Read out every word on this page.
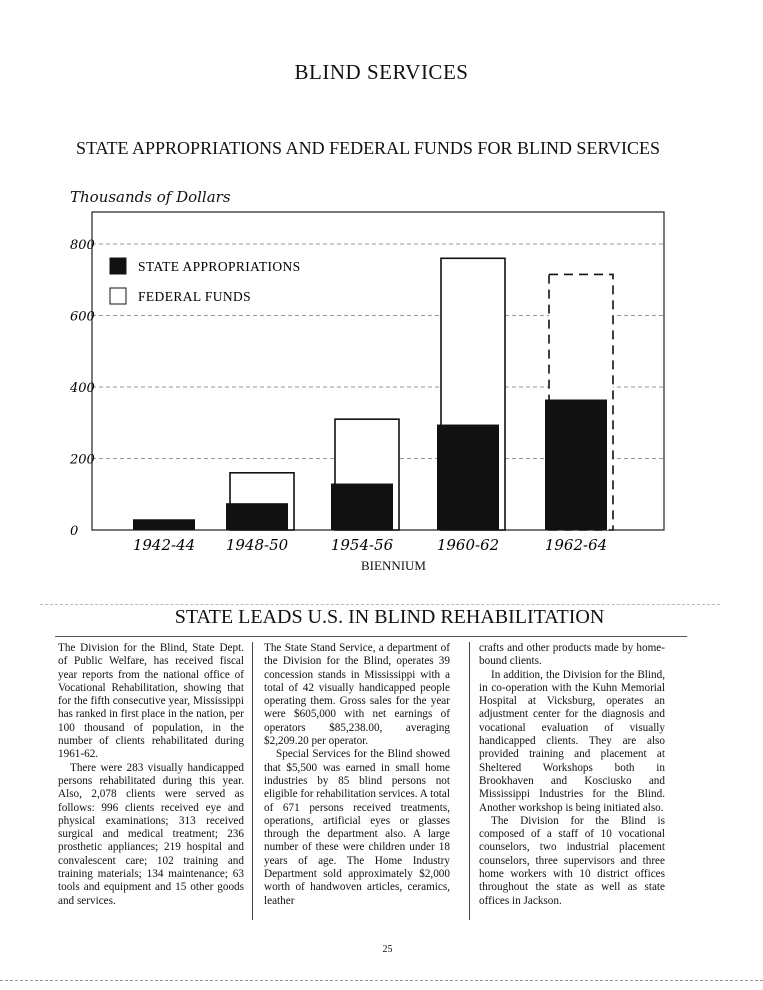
BLIND SERVICES
STATE APPROPRIATIONS AND FEDERAL FUNDS FOR BLIND SERVICES
Thousands of Dollars
0
200
400
600
800
1942-44 1948-50	1954-56	1960-62	1962-64
STATE APPROPRIATIONS
FEDERAL FUNDS
BIENNIUM
STATE LEADS U.S. IN BLIND REHABILITATION

The Division for the Blind, State Dept. of Public Welfare, has received fiscal year reports from the national office of Vocational Rehabilitation, showing that for the fifth consecutive year, Mississippi has ranked in first place in the nation, per 100 thousand of population, in the number of clients rehabilitated during 1961-62.

There were 283 visually handicapped persons rehabilitated during this year. Also, 2,078 clients were served as follows: 996 clients received eye and physical examinations; 313 received surgical and medical treatment; 236 prosthetic appliances; 219 hospital and convalescent care; 102 training and training materials; 134 maintenance; 63 tools and equipment and 15 other goods and services.

The State Stand Service, a department of the Division for the Blind, operates 39 concession stands in Mississippi with a total of 42 visually handicapped people operating them. Gross sales for the year were $605,000 with net earnings of operators $85,238.00, averaging $2,209.20 per operator.

Special Services for the Blind showed that $5,500 was earned in small home industries by 85 blind persons not eligible for rehabilitation services. A total of 671 persons received treatments, operations, artificial eyes or glasses through the department also. A large number of these were children under 18 years of age. The Home Industry Department sold approximately $2,000 worth of handwoven articles, ceramics, leather

crafts and other products made by home-bound clients.

In addition, the Division for the Blind, in co-operation with the Kuhn Memorial Hospital at Vicksburg, operates an adjustment center for the diagnosis and vocational evaluation of visually handicapped clients. They are also provided training and placement at Sheltered Workshops both in Brookhaven and Kosciusko and Mississippi Industries for the Blind. Another workshop is being initiated also.

The Division for the Blind is composed of a staff of 10 vocational counselors, two industrial placement counselors, three supervisors and three home workers with 10 district offices throughout the state as well as state offices in Jackson.

25
